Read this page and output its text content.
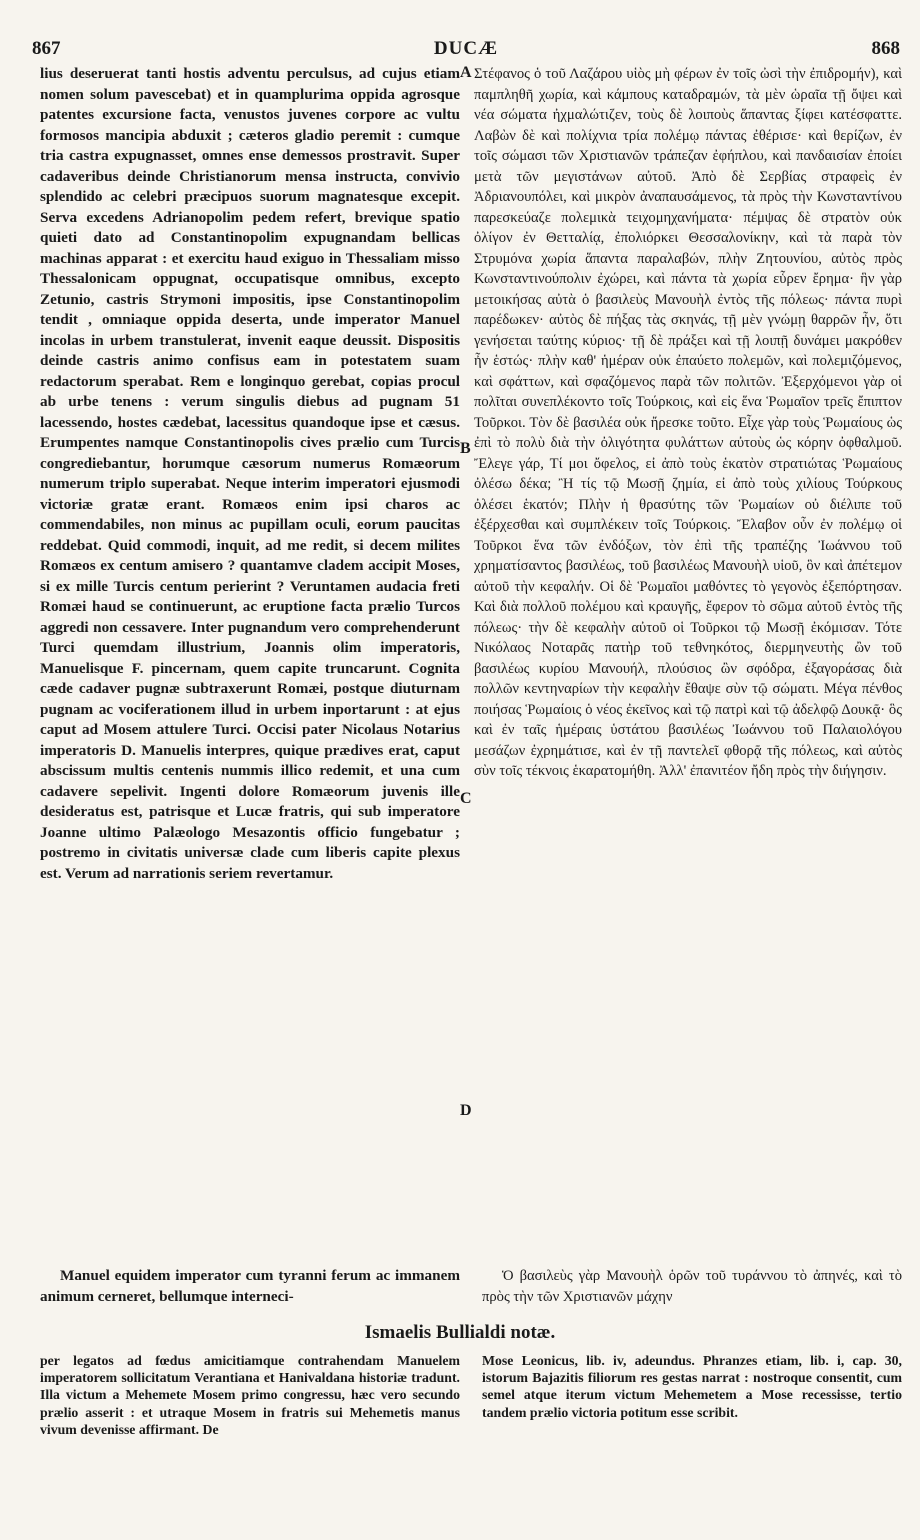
867	DUCÆ	868
A
B
C
D

lius deseruerat tanti hostis adventu perculsus, ad cujus etiam nomen solum pavescebat) et in quamplurima oppida agrosque patentes excursione facta, venustos juvenes corpore ac vultu formosos mancipia abduxit ; cæteros gladio peremit : cumque tria castra expugnasset, omnes ense demessos prostravit. Super cadaveribus deinde Christianorum mensa instructa, convivio splendido ac celebri præcipuos suorum magnatesque excepit. Serva excedens Adrianopolim pedem refert, brevique spatio quieti dato ad Constantinopolim expugnandam bellicas machinas apparat : et exercitu haud exiguo in Thessaliam misso Thessalonicam oppugnat, occupatisque omnibus, excepto Zetunio, castris Strymoni impositis, ipse Constantinopolim tendit , omniaque oppida deserta, unde imperator Manuel incolas in urbem transtulerat, invenit eaque deussit. Dispositis deinde castris animo confisus eam in potestatem suam redactorum sperabat. Rem e longinquo gerebat, copias procul ab urbe tenens : verum singulis diebus ad pugnam 51 lacessendo, hostes cædebat, lacessitus quandoque ipse et cæsus. Erumpentes namque Constantinopolis cives prælio cum Turcis congrediebantur, horumque cæsorum numerus Romæorum numerum triplo superabat. Neque interim imperatori ejusmodi victoriæ gratæ erant. Romæos enim ipsi charos ac commendabiles, non minus ac pupillam oculi, eorum paucitas reddebat. Quid commodi, inquit, ad me redit, si decem milites Romæos ex centum amisero ? quantamve cladem accipit Moses, si ex mille Turcis centum perierint ? Veruntamen audacia freti Romæi haud se continuerunt, ac eruptione facta prælio Turcos aggredi non cessavere. Inter pugnandum vero comprehenderunt Turci quemdam illustrium, Joannis olim imperatoris, Manuelisque F. pincernam, quem capite truncarunt. Cognita cæde cadaver pugnæ subtraxerunt Romæi, postque diuturnam pugnam ac vociferationem illud in urbem inportarunt : at ejus caput ad Mosem attulere Turci. Occisi pater Nicolaus Notarius imperatoris D. Manuelis interpres, quique prædives erat, caput abscissum multis centenis nummis illico redemit, et una cum cadavere sepelivit. Ingenti dolore Romæorum juvenis ille desideratus est, patrisque et Lucæ fratris, qui sub imperatore Joanne ultimo Palæologo Mesazontis officio fungebatur ; postremo in civitatis universæ clade cum liberis capite plexus est. Verum ad narrationis seriem revertamur.

Στέφανος ὁ τοῦ Λαζάρου υἱὸς μὴ φέρων ἐν τοῖς ὠσὶ τὴν ἐπιδρομήν), καὶ παμπληθῆ χωρία, καὶ κάμπους καταδραμών, τὰ μὲν ὡραῖα τῇ ὄψει καὶ νέα σώματα ἠχμαλώτιζεν, τοὺς δὲ λοιποὺς ἅπαντας ξίφει κατέσφαττε. Λαβὼν δὲ καὶ πολίχνια τρία πολέμῳ πάντας ἐθέρισε· καὶ θερίζων, ἐν τοῖς σώμασι τῶν Χριστιανῶν τράπεζαν ἐφήπλου, καὶ πανδαισίαν ἐποίει μετὰ τῶν μεγιστάνων αὐτοῦ. Ἀπὸ δὲ Σερβίας στραφεὶς ἐν Ἀδριανουπόλει, καὶ μικρὸν ἀναπαυσάμενος, τὰ πρὸς τὴν Κωνσταντίνου παρεσκεύαζε πολεμικὰ τειχομηχανήματα· πέμψας δὲ στρατὸν οὐκ ὀλίγον ἐν Θετταλίᾳ, ἐπολιόρκει Θεσσαλονίκην, καὶ τὰ παρὰ τὸν Στρυμόνα χωρία ἅπαντα παραλαβών, πλὴν Ζητουνίου, αὐτὸς πρὸς Κωνσταντινούπολιν ἐχώρει, καὶ πάντα τὰ χωρία εὗρεν ἔρημα· ἣν γὰρ μετοικήσας αὐτὰ ὁ βασιλεὺς Μανουὴλ ἐντὸς τῆς πόλεως· πάντα πυρὶ παρέδωκεν· αὐτὸς δὲ πήξας τὰς σκηνάς, τῇ μὲν γνώμῃ θαρρῶν ἦν, ὅτι γενήσεται ταύτης κύριος· τῇ δὲ πράξει καὶ τῇ λοιπῇ δυνάμει μακρόθεν ἦν ἑστώς· πλὴν καθ' ἡμέραν οὐκ ἐπαύετο πολεμῶν, καὶ πολεμιζόμενος, καὶ σφάττων, καὶ σφαζόμενος παρὰ τῶν πολιτῶν. Ἐξερχόμενοι γὰρ οἱ πολῖται συνεπλέκοντο τοῖς Τούρκοις, καὶ εἰς ἕνα Ῥωμαῖον τρεῖς ἔπιπτον Τοῦρκοι. Τὸν δὲ βασιλέα οὐκ ἤρεσκε τοῦτο. Εἶχε γὰρ τοὺς Ῥωμαίους ὡς ἐπὶ τὸ πολὺ διὰ τὴν ὀλιγότητα φυλάττων αὐτοὺς ὡς κόρην ὀφθαλμοῦ. Ἔλεγε γάρ, Τί μοι ὄφελος, εἰ ἀπὸ τοὺς ἑκατὸν στρατιώτας Ῥωμαίους ὀλέσω δέκα; Ἢ τίς τῷ Μωσῇ ζημία, εἰ ἀπὸ τοὺς χιλίους Τούρκους ὀλέσει ἑκατόν; Πλὴν ἡ θρασύτης τῶν Ῥωμαίων οὐ διέλιπε τοῦ ἐξέρχεσθαι καὶ συμπλέκειν τοῖς Τούρκοις. Ἔλαβον οὖν ἐν πολέμῳ οἱ Τοῦρκοι ἕνα τῶν ἐνδόξων, τὸν ἐπὶ τῆς τραπέζης Ἰωάννου τοῦ χρηματίσαντος βασιλέως, τοῦ βασιλέως Μανουὴλ υἱοῦ, ὃν καὶ ἀπέτεμον αὐτοῦ τὴν κεφαλήν. Οἱ δὲ Ῥωμαῖοι μαθόντες τὸ γεγονὸς ἐξεπόρτησαν. Καὶ διὰ πολλοῦ πολέμου καὶ κραυγῆς, ἔφερον τὸ σῶμα αὐτοῦ ἐντὸς τῆς πόλεως· τὴν δὲ κεφαλὴν αὐτοῦ οἱ Τοῦρκοι τῷ Μωσῇ ἐκόμισαν. Τότε Νικόλαος Νοταρᾶς πατὴρ τοῦ τεθνηκότος, διερμηνευτὴς ὢν τοῦ βασιλέως κυρίου Μανουήλ, πλούσιος ὢν σφόδρα, ἐξαγοράσας διὰ πολλῶν κεντηναρίων τὴν κεφαλὴν ἔθαψε σὺν τῷ σώματι. Μέγα πένθος ποιήσας Ῥωμαίοις ὁ νέος ἐκεῖνος καὶ τῷ πατρὶ καὶ τῷ ἀδελφῷ Δουκᾷ· ὃς καὶ ἐν ταῖς ἡμέραις ὑστάτου βασιλέως Ἰωάννου τοῦ Παλαιολόγου μεσάζων ἐχρημάτισε, καὶ ἐν τῇ παντελεῖ φθορᾷ τῆς πόλεως, καὶ αὐτὸς σὺν τοῖς τέκνοις ἑκαρατομήθη. Ἀλλ' ἐπανιτέον ἤδη πρὸς τὴν διήγησιν.

Manuel equidem imperator cum tyranni ferum ac immanem animum cerneret, bellumque interneci-

Ὁ βασιλεὺς γὰρ Μανουὴλ ὁρῶν τοῦ τυράννου τὸ ἀπηνές, καὶ τὸ πρὸς τὴν τῶν Χριστιανῶν μάχην

Ismaelis Bullialdi notæ.

per legatos ad fœdus amicitiamque contrahendam Manuelem imperatorem sollicitatum Verantiana et Hanivaldana historiæ tradunt. Illa victum a Mehemete Mosem primo congressu, hæc vero secundo prælio asserit : et utraque Mosem in fratris sui Mehemetis manus vivum devenisse affirmant. De

Mose Leonicus, lib. iv, adeundus. Phranzes etiam, lib. i, cap. 30, istorum Bajazitis filiorum res gestas narrat : nostroque consentit, cum semel atque iterum victum Mehemetem a Mose recessisse, tertio tandem prælio victoria potitum esse scribit.
